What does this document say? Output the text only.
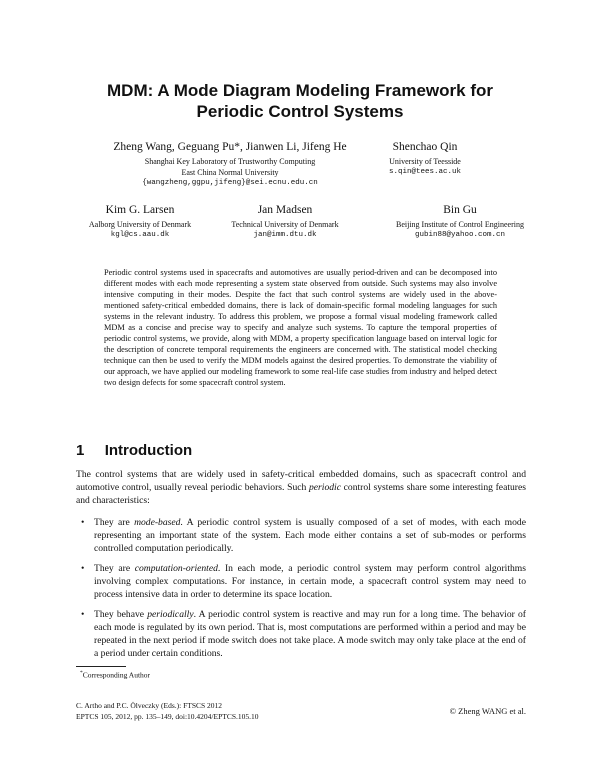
MDM: A Mode Diagram Modeling Framework for
Periodic Control Systems
Zheng Wang, Geguang Pu*, Jianwen Li, Jifeng He
Shanghai Key Laboratory of Trustworthy Computing
East China Normal University
{wangzheng,ggpu,jifeng}@sei.ecnu.edu.cn
Shenchao Qin
University of Teesside
s.qin@tees.ac.uk
Kim G. Larsen
Aalborg University of Denmark
kgl@cs.aau.dk
Jan Madsen
Technical University of Denmark
jan@imm.dtu.dk
Bin Gu
Beijing Institute of Control Engineering
gubin88@yahoo.com.cn

Periodic control systems used in spacecrafts and automotives are usually period-driven and can be decomposed into different modes with each mode representing a system state observed from outside. Such systems may also involve intensive computing in their modes. Despite the fact that such control systems are widely used in the above-mentioned safety-critical embedded domains, there is lack of domain-specific formal modeling languages for such systems in the relevant industry. To address this problem, we propose a formal visual modeling framework called MDM as a concise and precise way to specify and analyze such systems. To capture the temporal properties of periodic control systems, we provide, along with MDM, a property specification language based on interval logic for the description of concrete temporal requirements the engineers are concerned with. The statistical model checking technique can then be used to verify the MDM models against the desired properties. To demonstrate the viability of our approach, we have applied our modeling framework to some real-life case studies from industry and helped detect two design defects for some spacecraft control system.

1 Introduction

The control systems that are widely used in safety-critical embedded domains, such as spacecraft control and automotive control, usually reveal periodic behaviors. Such periodic control systems share some interesting features and characteristics:

• They are mode-based. A periodic control system is usually composed of a set of modes, with each mode representing an important state of the system. Each mode either contains a set of sub-modes or performs controlled computation periodically.
• They are computation-oriented. In each mode, a periodic control system may perform control algorithms involving complex computations. For instance, in certain mode, a spacecraft control system may need to process intensive data in order to determine its space location.
• They behave periodically. A periodic control system is reactive and may run for a long time. The behavior of each mode is regulated by its own period. That is, most computations are performed within a period and may be repeated in the next period if mode switch does not take place. A mode switch may only take place at the end of a period under certain conditions.
*Corresponding Author
C. Artho and P.C. Ölveczky (Eds.): FTSCS 2012
EPTCS 105, 2012, pp. 135–149, doi:10.4204/EPTCS.105.10
© Zheng WANG et al.
